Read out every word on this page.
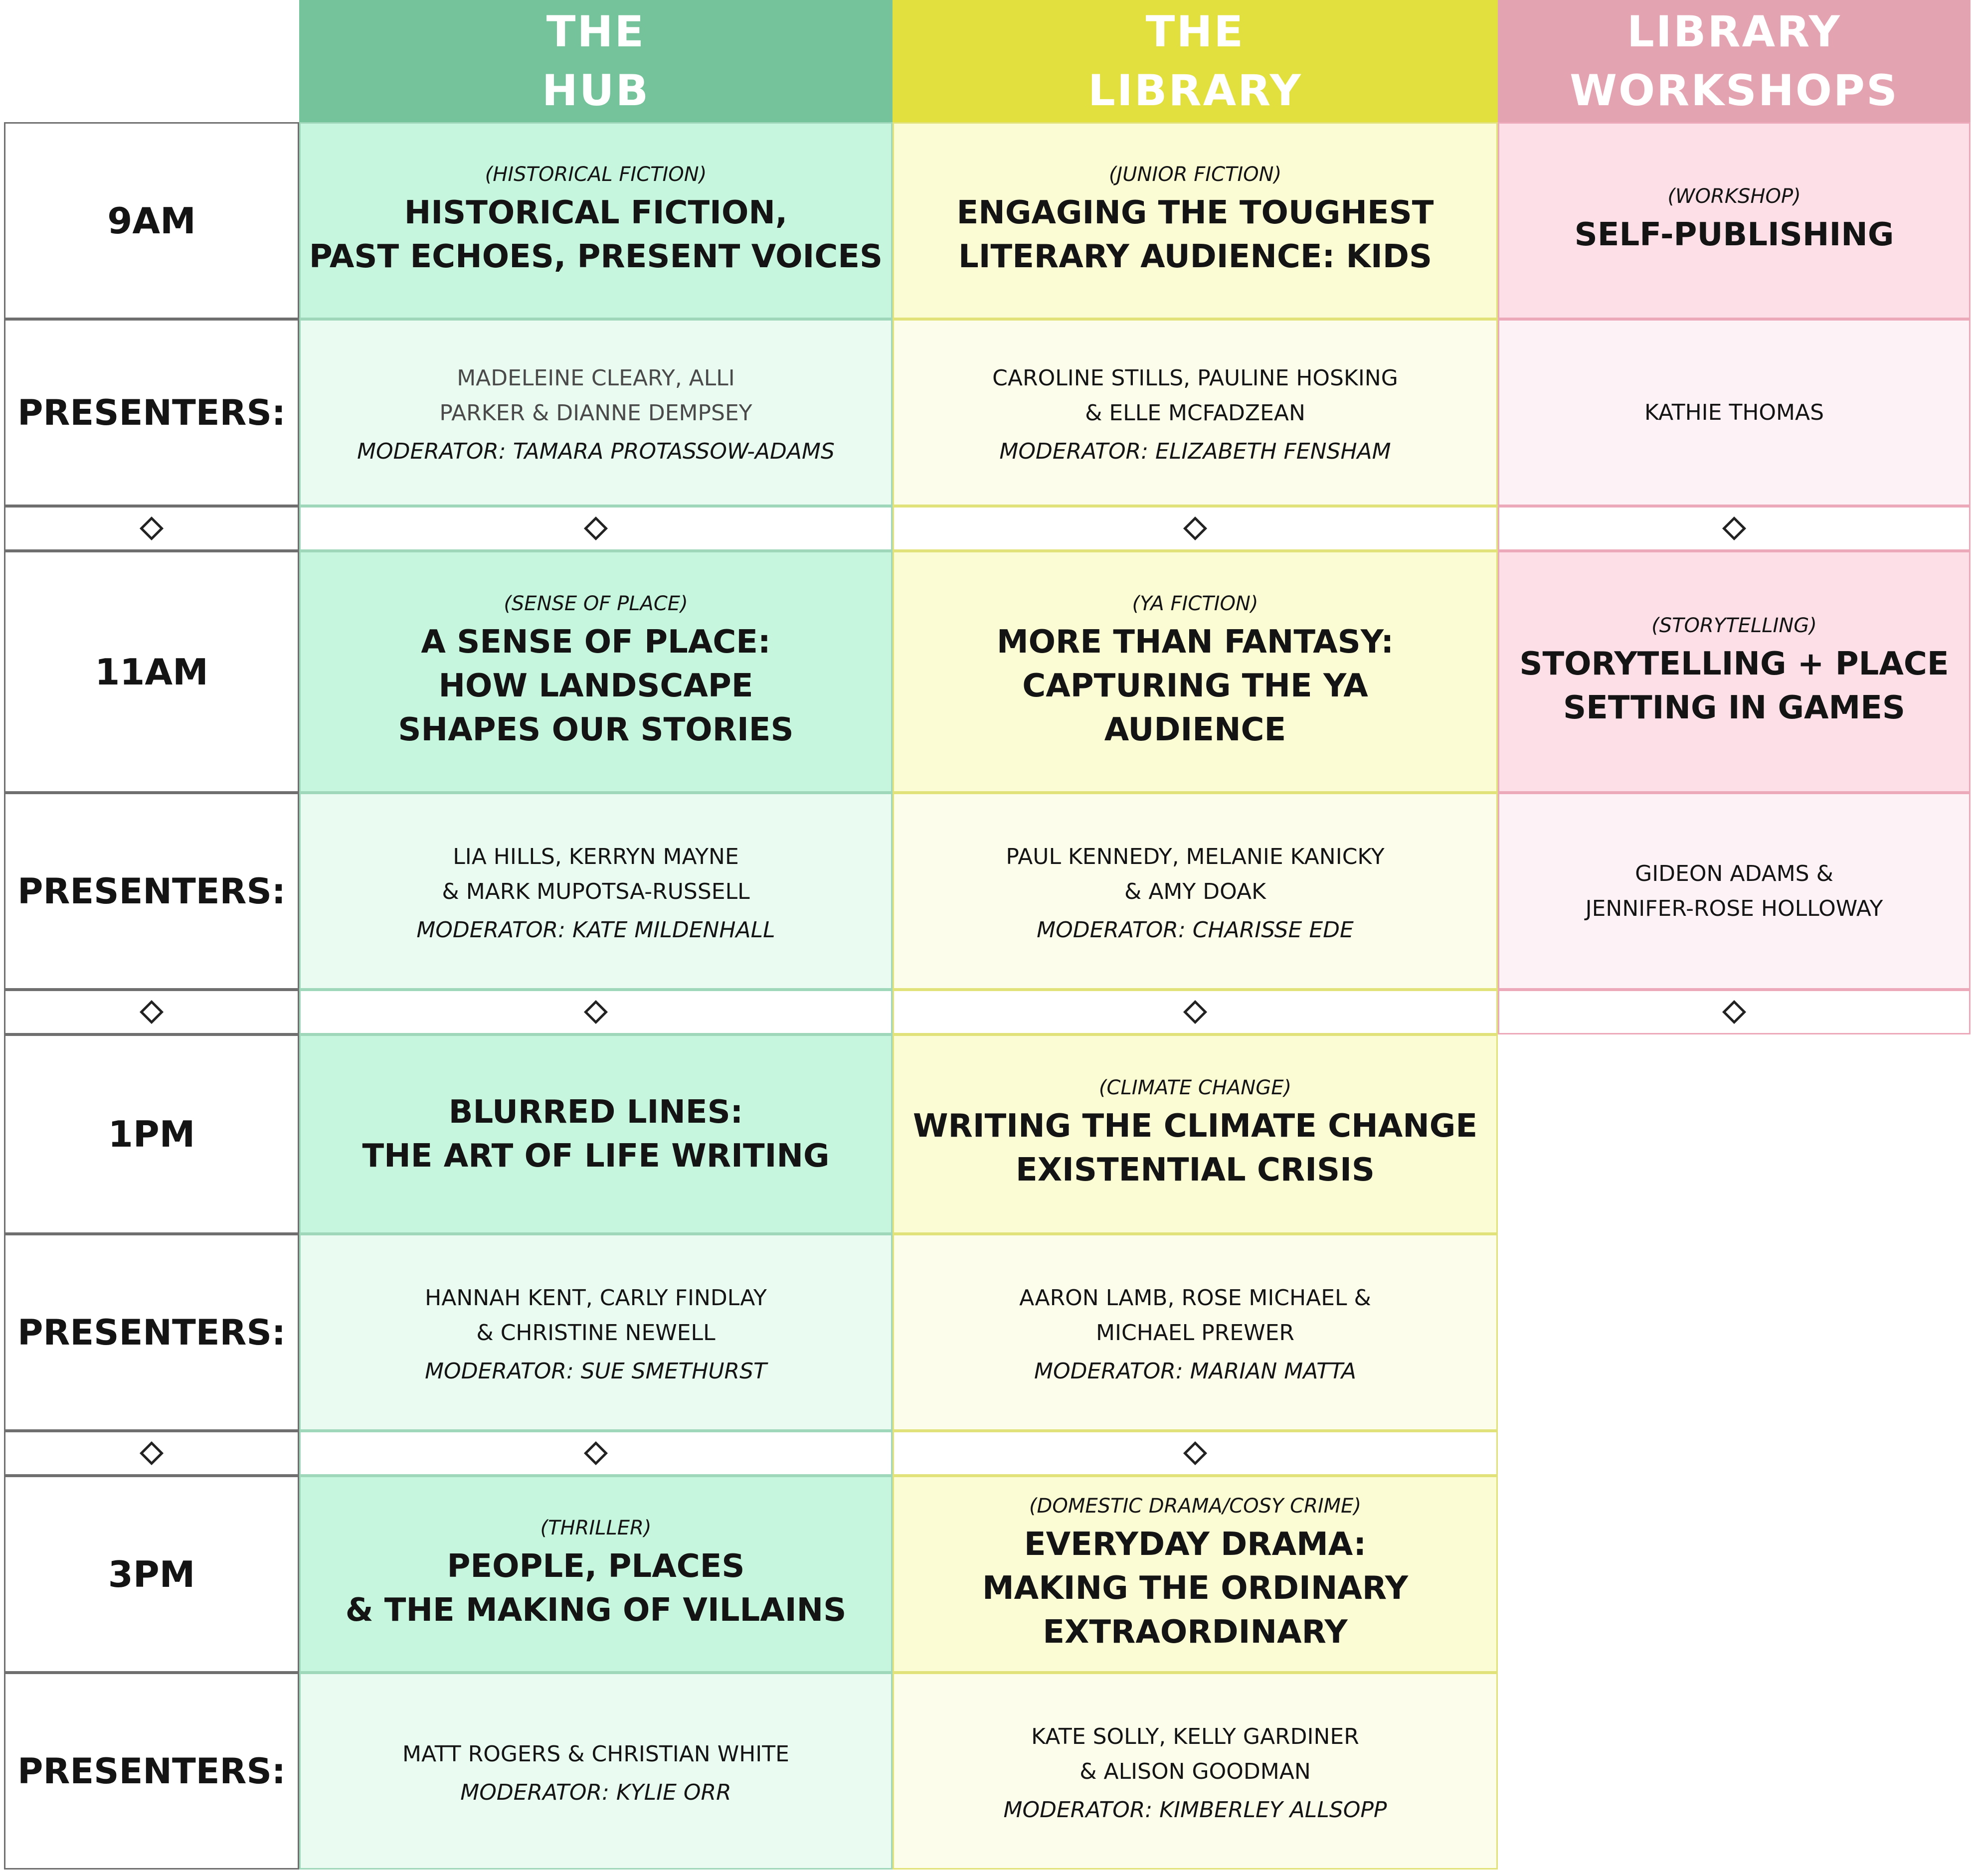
THE
HUB
THE
LIBRARY
LIBRARY
WORKSHOPS
9AM
PRESENTERS:
(HISTORICAL FICTION)
HISTORICAL FICTION,
PAST ECHOES, PRESENT VOICES
MADELEINE CLEARY, ALLI
PARKER & DIANNE DEMPSEY
MODERATOR: TAMARA PROTASSOW-ADAMS
(JUNIOR FICTION)
ENGAGING THE TOUGHEST
LITERARY AUDIENCE: KIDS
CAROLINE STILLS, PAULINE HOSKING
& ELLE MCFADZEAN
MODERATOR: ELIZABETH FENSHAM
(WORKSHOP)
SELF-PUBLISHING
KATHIE THOMAS
11AM
PRESENTERS:
(SENSE OF PLACE)
A SENSE OF PLACE:
HOW LANDSCAPE
SHAPES OUR STORIES
LIA HILLS, KERRYN MAYNE
& MARK MUPOTSA-RUSSELL
MODERATOR: KATE MILDENHALL
(YA FICTION)
MORE THAN FANTASY:
CAPTURING THE YA
AUDIENCE
PAUL KENNEDY, MELANIE KANICKY
& AMY DOAK
MODERATOR: CHARISSE EDE
(STORYTELLING)
STORYTELLING + PLACE
SETTING IN GAMES
GIDEON ADAMS &
JENNIFER-ROSE HOLLOWAY
1PM
PRESENTERS:
BLURRED LINES:
THE ART OF LIFE WRITING
HANNAH KENT, CARLY FINDLAY
& CHRISTINE NEWELL
MODERATOR: SUE SMETHURST
(CLIMATE CHANGE)
WRITING THE CLIMATE CHANGE
EXISTENTIAL CRISIS
AARON LAMB, ROSE MICHAEL &
MICHAEL PREWER
MODERATOR: MARIAN MATTA
3PM
PRESENTERS:
(THRILLER)
PEOPLE, PLACES
& THE MAKING OF VILLAINS
MATT ROGERS & CHRISTIAN WHITE
MODERATOR: KYLIE ORR
(DOMESTIC DRAMA/COSY CRIME)
EVERYDAY DRAMA:
MAKING THE ORDINARY
EXTRAORDINARY
KATE SOLLY, KELLY GARDINER
& ALISON GOODMAN
MODERATOR: KIMBERLEY ALLSOPP
